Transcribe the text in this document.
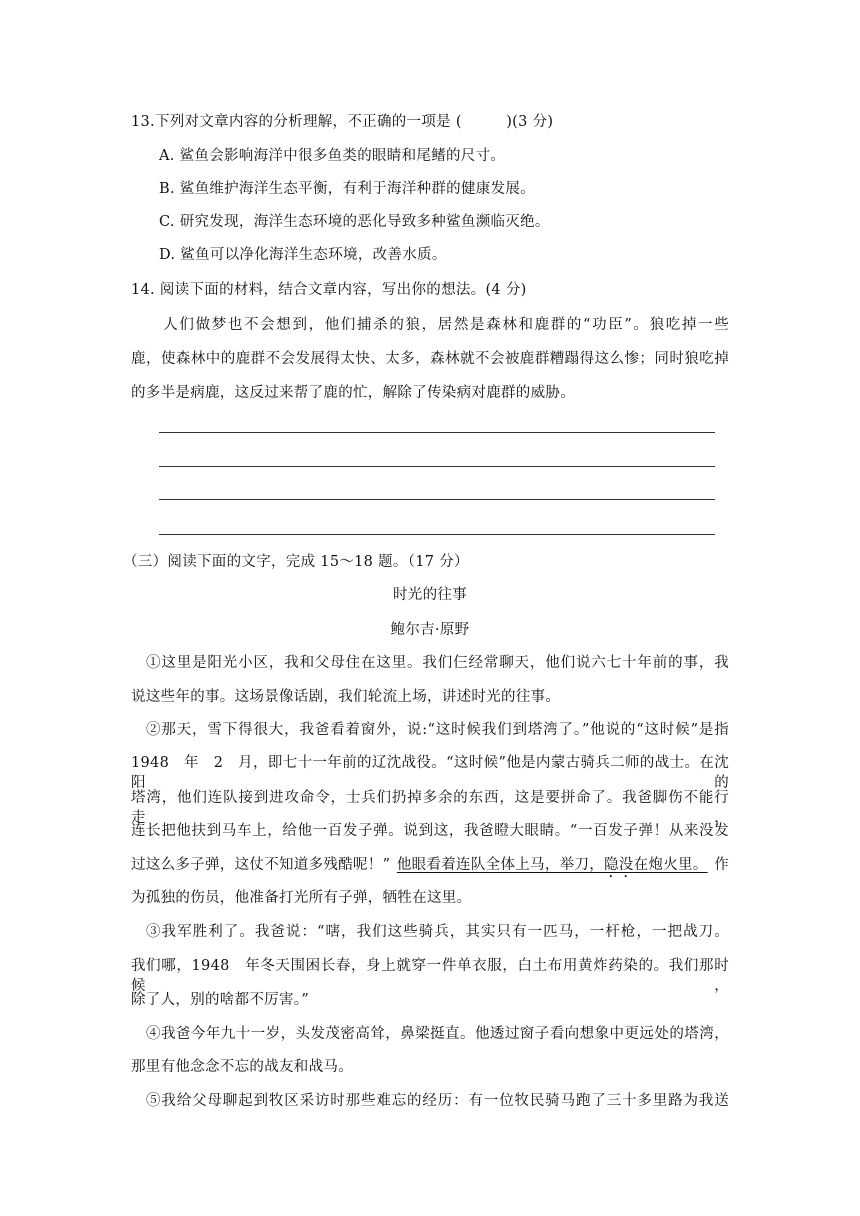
13.下列对文章内容的分析理解，不正确的一项是 (　　　)(3 分)
A. 鲨鱼会影响海洋中很多鱼类的眼睛和尾鳍的尺寸。
B. 鲨鱼维护海洋生态平衡，有利于海洋种群的健康发展。
C. 研究发现，海洋生态环境的恶化导致多种鲨鱼濒临灭绝。
D. 鲨鱼可以净化海洋生态环境，改善水质。
14. 阅读下面的材料，结合文章内容，写出你的想法。(4 分)
　　人们做梦也不会想到，他们捕杀的狼，居然是森林和鹿群的“功臣”。狼吃掉一些
鹿，使森林中的鹿群不会发展得太快、太多，森林就不会被鹿群糟蹋得这么惨；同时狼吃掉
的多半是病鹿，这反过来帮了鹿的忙，解除了传染病对鹿群的威胁。
（三）阅读下面的文字，完成 15～18 题。（17 分）
时光的往事
鲍尔吉·原野
①这里是阳光小区，我和父母住在这里。我们仨经常聊天，他们说六七十年前的事，我
说这些年的事。这场景像话剧，我们轮流上场，讲述时光的往事。
②那天，雪下得很大，我爸看着窗外，说:“这时候我们到塔湾了。”他说的“这时候”是指
1948　年　2　月，即七十一年前的辽沈战役。“这时候”他是内蒙古骑兵二师的战士。在沈阳的
塔湾，他们连队接到进攻命令，士兵们扔掉多余的东西，这是要拼命了。我爸脚伤不能行走，
连长把他扶到马车上，给他一百发子弹。说到这，我爸瞪大眼睛。“一百发子弹！从来没发
过这么多子弹，这仗不知道多残酷呢！” 他眼看着连队全体上马，举刀，隐没在炮火里。 作
为孤独的伤员，他准备打光所有子弹，牺牲在这里。
③我军胜利了。我爸说：“嗐，我们这些骑兵，其实只有一匹马，一杆枪，一把战刀。
我们哪，1948　年冬天围困长春，身上就穿一件单衣服，白土布用黄炸药染的。我们那时候，
除了人，别的啥都不厉害。”
④我爸今年九十一岁，头发茂密高耸，鼻梁挺直。他透过窗子看向想象中更远处的塔湾，
那里有他念念不忘的战友和战马。
⑤我给父母聊起到牧区采访时那些难忘的经历：有一位牧民骑马跑了三十多里路为我送
